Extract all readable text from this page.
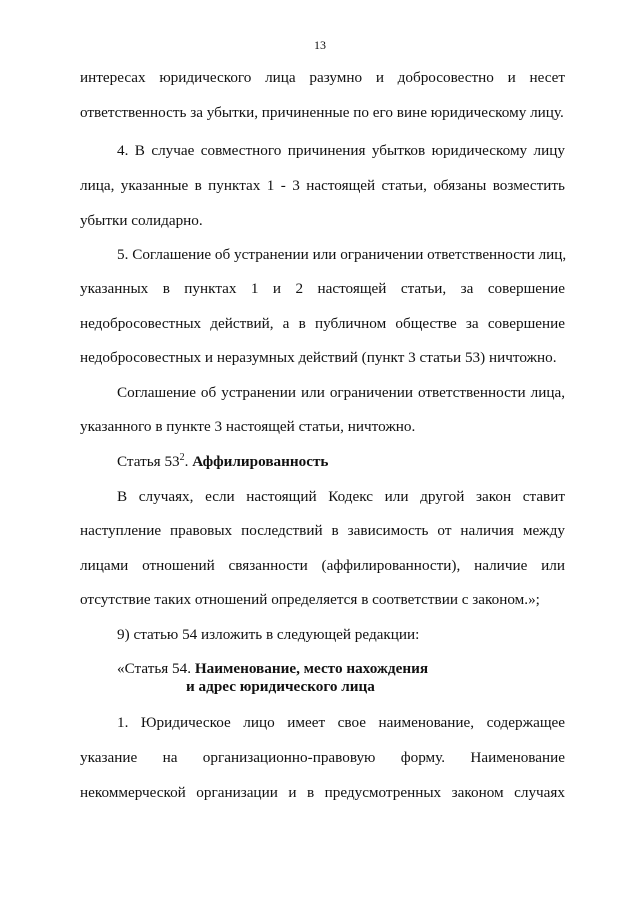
13
интересах юридического лица разумно и добросовестно и несет
ответственность за убытки, причиненные по его вине юридическому лицу.
4. В случае совместного причинения убытков юридическому лицу
лица, указанные в пунктах 1 - 3 настоящей статьи, обязаны возместить
убытки солидарно.
5. Соглашение об устранении или ограничении ответственности лиц,
указанных в пунктах 1 и 2 настоящей статьи, за совершение
недобросовестных действий, а в публичном обществе за совершение
недобросовестных и неразумных действий (пункт 3 статьи 53) ничтожно.
Соглашение об устранении или ограничении ответственности лица,
указанного в пункте 3 настоящей статьи, ничтожно.
Статья $53^2$. Аффилированность
В случаях, если настоящий Кодекс или другой закон ставит
наступление правовых последствий в зависимость от наличия между
лицами отношений связанности (аффилированности), наличие или
отсутствие таких отношений определяется в соответствии с законом.»;
9) статью 54 изложить в следующей редакции:
«Статья 54. Наименование, место нахождения
и адрес юридического лица
1. Юридическое лицо имеет свое наименование, содержащее
указание на организационно-правовую форму. Наименование
некоммерческой организации и в предусмотренных законом случаях
